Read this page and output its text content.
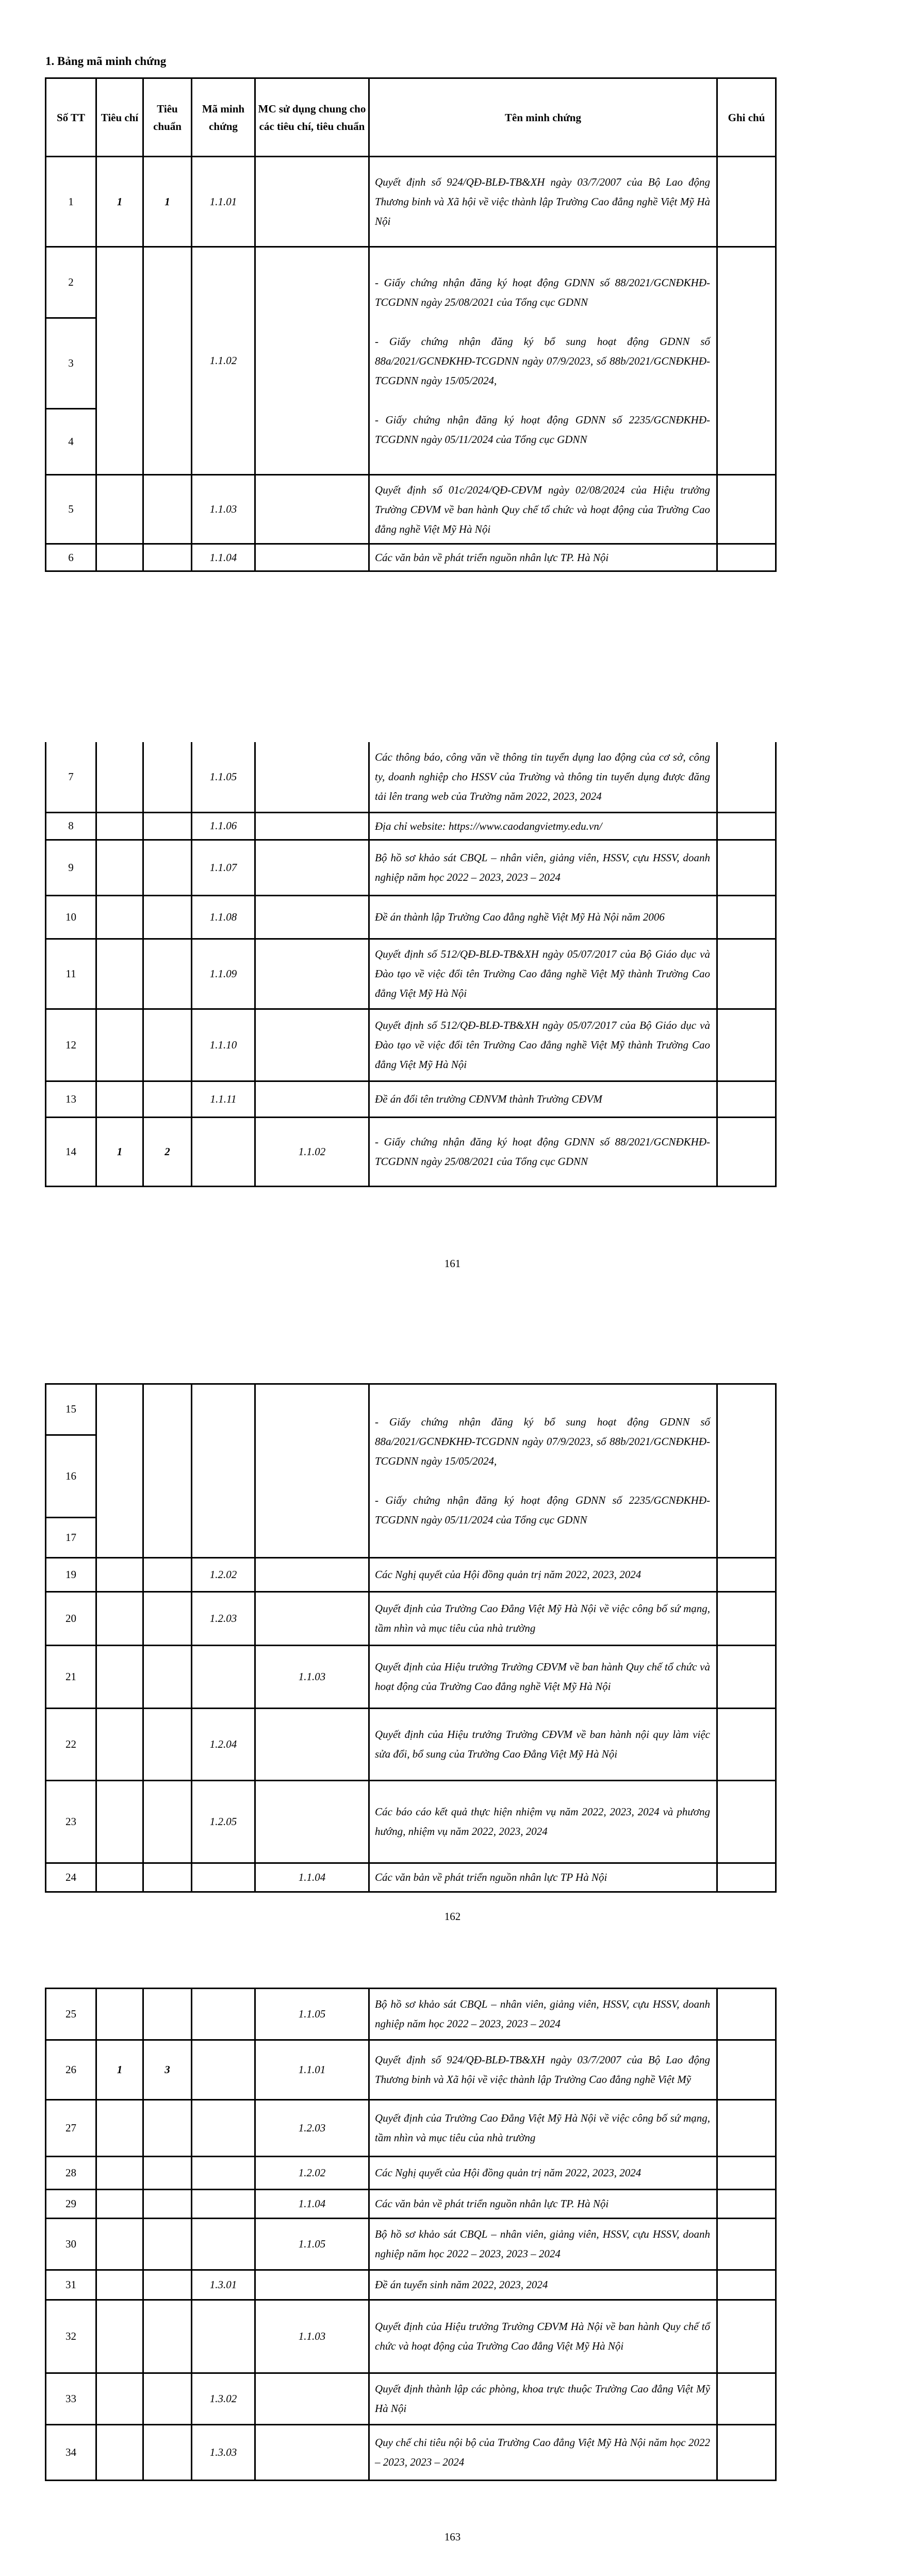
1. Bảng mã minh chứng
Số TT	Tiêu chí	Tiêu chuẩn	Mã minh chứng	MC sử dụng chung cho các tiêu chí, tiêu chuẩn	Tên minh chứng	Ghi chú
1	1	1	1.1.01		Quyết định số 924/QĐ-BLĐ-TB&XH ngày 03/7/2007 của Bộ Lao động Thương binh và Xã hội về việc thành lập Trường Cao đẳng nghề Việt Mỹ Hà Nội	

2			1.1.02		- Giấy chứng nhận đăng ký hoạt động GDNN số 88/2021/GCNĐKHĐ-TCGDNN ngày 25/08/2021 của Tổng cục GDNN

- Giấy chứng nhận đăng ký bổ sung hoạt động GDNN số 88a/2021/GCNĐKHĐ-TCGDNN ngày 07/9/2023, số 88b/2021/GCNĐKHĐ-TCGDNN ngày 15/05/2024,

- Giấy chứng nhận đăng ký hoạt động GDNN số 2235/GCNĐKHĐ-TCGDNN ngày 05/11/2024 của Tổng cục GDNN	

3						
4						
5			1.1.03		Quyết định số 01c/2024/QĐ-CĐVM ngày 02/08/2024 của Hiệu trưởng Trường CĐVM về ban hành Quy chế tổ chức và hoạt động của Trường Cao đẳng nghề Việt Mỹ Hà Nội	

6			1.1.04		Các văn bản về phát triển nguồn nhân lực TP. Hà Nội	

7			1.1.05		Các thông báo, công văn về thông tin tuyển dụng lao động của cơ sở, công ty, doanh nghiệp cho HSSV của Trường và thông tin tuyển dụng được đăng tải lên trang web của Trường năm 2022, 2023, 2024	

8			1.1.06		Địa chỉ website: https://www.caodangvietmy.edu.vn/	

9			1.1.07		Bộ hồ sơ khảo sát CBQL – nhân viên, giảng viên, HSSV, cựu HSSV, doanh nghiệp năm học 2022 – 2023, 2023 – 2024	

10			1.1.08		Đề án thành lập Trường Cao đẳng nghề Việt Mỹ Hà Nội năm 2006	

11			1.1.09		Quyết định số 512/QĐ-BLĐ-TB&XH ngày 05/07/2017 của Bộ Giáo dục và Đào tạo về việc đổi tên Trường Cao đẳng nghề Việt Mỹ thành Trường Cao đẳng Việt Mỹ Hà Nội	

12			1.1.10		Quyết định số 512/QĐ-BLĐ-TB&XH ngày 05/07/2017 của Bộ Giáo dục và Đào tạo về việc đổi tên Trường Cao đẳng nghề Việt Mỹ thành Trường Cao đẳng Việt Mỹ Hà Nội	

13			1.1.11		Đề án đổi tên trường CĐNVM thành Trường CĐVM	

14	1	2		1.1.02	- Giấy chứng nhận đăng ký hoạt động GDNN số 88/2021/GCNĐKHĐ-TCGDNN ngày 25/08/2021 của Tổng cục GDNN	

161
15					- Giấy chứng nhận đăng ký bổ sung hoạt động GDNN số 88a/2021/GCNĐKHĐ-TCGDNN ngày 07/9/2023, số 88b/2021/GCNĐKHĐ-TCGDNN ngày 15/05/2024,

- Giấy chứng nhận đăng ký hoạt động GDNN số 2235/GCNĐKHĐ-TCGDNN ngày 05/11/2024 của Tổng cục GDNN	

16						
17						
19			1.2.02		Các Nghị quyết của Hội đồng quản trị năm 2022, 2023, 2024	

20			1.2.03		Quyết định của Trường Cao Đẳng Việt Mỹ Hà Nội về việc công bố sứ mạng, tầm nhìn và mục tiêu của nhà trường	

21				1.1.03	Quyết định của Hiệu trưởng Trường CĐVM về ban hành Quy chế tổ chức và hoạt động của Trường Cao đẳng nghề Việt Mỹ Hà Nội	

22			1.2.04		Quyết định của Hiệu trưởng Trường CĐVM về ban hành nội quy làm việc sửa đổi, bổ sung của Trường Cao Đẳng Việt Mỹ Hà Nội	

23			1.2.05		Các báo cáo kết quả thực hiện nhiệm vụ năm 2022, 2023, 2024 và phương hướng, nhiệm vụ năm 2022, 2023, 2024	

24				1.1.04	Các văn bản về phát triển nguồn nhân lực TP Hà Nội	

162
25				1.1.05	Bộ hồ sơ khảo sát CBQL – nhân viên, giảng viên, HSSV, cựu HSSV, doanh nghiệp năm học 2022 – 2023, 2023 – 2024	

26	1	3		1.1.01	Quyết định số 924/QĐ-BLĐ-TB&XH ngày 03/7/2007 của Bộ Lao động Thương binh và Xã hội về việc thành lập Trường Cao đẳng nghề Việt Mỹ	

27				1.2.03	Quyết định của Trường Cao Đẳng Việt Mỹ Hà Nội về việc công bố sứ mạng, tầm nhìn và mục tiêu của nhà trường	

28				1.2.02	Các Nghị quyết của Hội đồng quản trị năm 2022, 2023, 2024	

29				1.1.04	Các văn bản về phát triển nguồn nhân lực TP. Hà Nội	

30				1.1.05	Bộ hồ sơ khảo sát CBQL – nhân viên, giảng viên, HSSV, cựu HSSV, doanh nghiệp năm học 2022 – 2023, 2023 – 2024	

31			1.3.01		Đề án tuyển sinh năm 2022, 2023, 2024	

32				1.1.03	Quyết định của Hiệu trưởng Trường CĐVM Hà Nội về ban hành Quy chế tổ chức và hoạt động của Trường Cao đẳng Việt Mỹ Hà Nội	

33			1.3.02		Quyết định thành lập các phòng, khoa trực thuộc Trường Cao đẳng Việt Mỹ Hà Nội	

34			1.3.03		Quy chế chi tiêu nội bộ của Trường Cao đẳng Việt Mỹ Hà Nội năm học 2022 – 2023, 2023 – 2024	

163
